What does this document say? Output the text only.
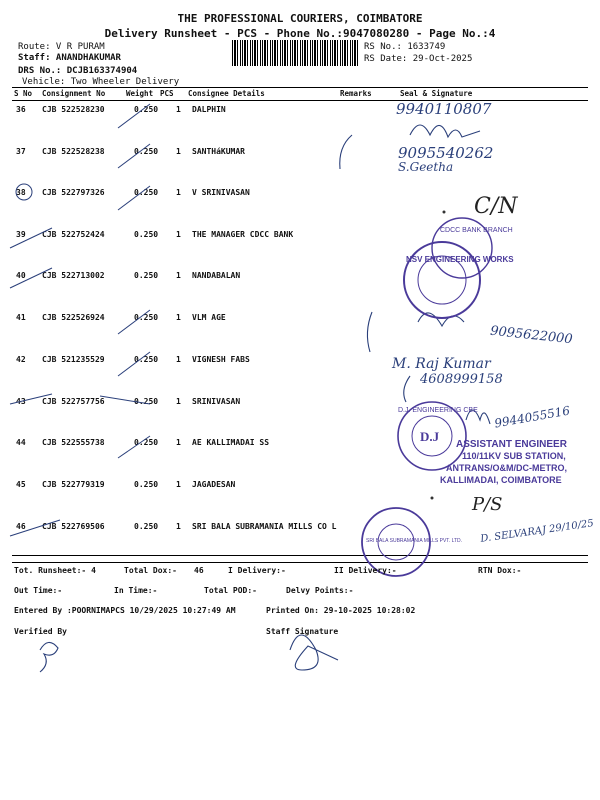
THE PROFESSIONAL COURIERS, COIMBATORE
Delivery Runsheet - PCS - Phone No.:9047080280 - Page No.:4
Route: V R PURAM
Staff: ANANDHAKUMAR
DRS No.: DCJB163374904
Vehicle: Two Wheeler Delivery
RS No.: 1633749
RS Date: 29-Oct-2025
S No Consignment No	Weight PCS Consignee Details	Remarks	Seal & Signature
36 CJB 522528230	0.250 1 DALPHIN
37 CJB 522528238	0.250 1 SANTHáKUMAR
38 CJB 522797326	0.250 1 V SRINIVASAN
39 CJB 522752424	0.250 1 THE MANAGER CDCC BANK
40 CJB 522713002	0.250 1 NANDABALAN
41 CJB 522526924	0.250 1 VLM AGE
42 CJB 521235529	0.250 1 VIGNESH FABS
43 CJB 522757756	0.250 1 SRINIVASAN
44 CJB 522555738	0.250 1 AE KALLIMADAI SS
45 CJB 522779319	0.250 1 JAGADESAN
46 CJB 522769506	0.250 1 SRI BALA SUBRAMANIA MILLS CO L
CDCC BANK BRANCH
NSV ENGINEERING WORKS
D.J
D.J. ENGINEERING CBE
ASSISTANT ENGINEER
110/11KV SUB STATION,
ANTRANS/O&M/DC-METRO,
KALLIMADAI, COIMBATORE
SRI BALA SUBRAMANIA MILLS PVT. LTD.
9940110807
9095540262
S.Geetha
C/N
9095622000
M. Raj Kumar
4608999158
9944055516
P/S
D. SELVARAJ 29/10/25
Tot. Runsheet:- 4	Total Dox:- 46	I Delivery:-	II Delivery:-	RTN Dox:-
Out Time:-	In Time:-	Total POD:-	Delvy Points:-
Entered By :POORNIMAPCS 10/29/2025 10:27:49 AM	Printed On: 29-10-2025 10:28:02
Verified By	Staff Signature
